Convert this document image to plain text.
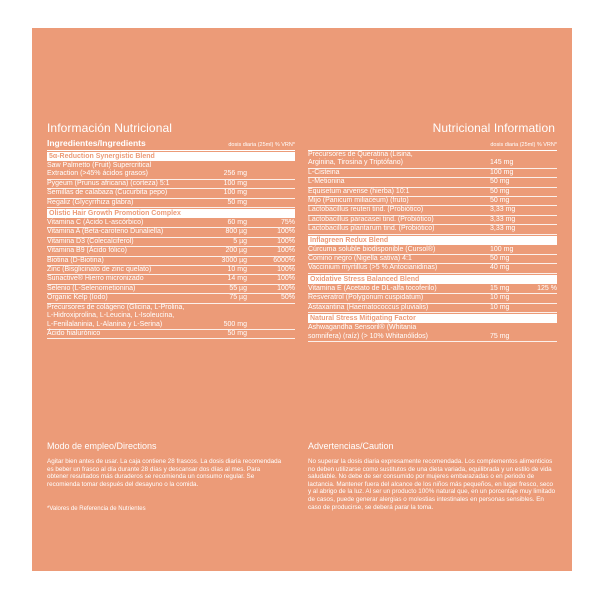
Información Nutricional	Nutricional Information
Ingredientes/Ingredients	dosis diaria (25ml) % VRN*
5α-Reduction Synergistic Blend
Saw Palmetto (Fruit) Supercritical
Extraction (>45% ácidos grasos)	256 mg
Pygeum (Prunus africana) (corteza) 5:1	100 mg
Semillas de calabaza (Cucurbita pepo)	100 mg
Regaliz (Glycyrrhiza glabra)	50 mg
Olistic Hair Growth Promotion Complex
Vitamina C (Ácido L-ascórbico)	60 mg	75%
Vitamina A (Beta-caroteno Dunaliella)	800 µg	100%
Vitamina D3 (Colecalciferol)	5 µg	100%
Vitamina B9 (Ácido fólico)	200 µg	100%
Biotina (D-Biotina)	3000 µg	6000%
Zinc (Bisglicinato de zinc quelato)	10 mg	100%
Sunactive® Hierro micronizado	14 mg	100%
Selenio (L-Selenometionina)	55 µg	100%
Organic Kelp (Iodo)	75 µg	50%
Precursores de colágeno (Glicina, L-Prolina,
L-Hidroxiprolina, L-Leucina, L-Isoleucina,
L-Fenilalaninia, L-Alanina y L-Serina)	500 mg
Ácido hialurónico	50 mg
dosis diaria (25ml) % VRN*
Precursores de Queratina (Lisina,
Arginina, Tirosina y Triptófano)	145 mg
L-Cisteina	100 mg
L-Metionina	50 mg
Equisetum arvense (hierba) 10:1	50 mg
Mijo (Panicum miliaceum) (fruto)	50 mg
Lactobacillus reuteri tind. (Probiótico)	3,33 mg
Lactobacillus paracasei tind. (Probiótico)	3,33 mg
Lactobacillus plantarum tind. (Probiótico)	3,33 mg
Inflagreen Redux Blend
Cúrcuma soluble biodisponible (Cursol®)	100 mg
Comino negro (Nigella sativa) 4:1	50 mg
Vaccinium myrtillus (>5 % Antocianidinas)	40 mg
Oxidative Stress Balanced Blend
Vitamina E (Acetato de DL-alfa tocoferilo)	15 mg	125 %
Resveratrol (Polygonum cuspidatum)	10 mg
Astaxantina (Haematococcus pluvialis)	10 mg
Natural Stress Mitigating Factor
Ashwagandha Sensoril® (Whitania
somnifera) (raíz) (> 10% Whitanólidos)	75 mg
Modo de empleo/Directions
Agitar bien antes de usar. La caja contiene 28 frascos. La dosis diaria recomendada es beber un frasco al día durante 28 días y descansar dos días al mes. Para obtener resultados más duraderos se recomienda un consumo regular. Se recomienda tomar después del desayuno o la comida.
*Valores de Referencia de Nutrientes
Advertencias/Caution
No superar la dosis diaria expresamente recomendada. Los complementos alimenticios no deben utilizarse como sustitutos de una dieta variada, equilibrada y un estilo de vida saludable. No debe de ser consumido por mujeres embarazadas o en periodo de lactancia. Mantener fuera del alcance de los niños más pequeños, en lugar fresco, seco y al abrigo de la luz. Al ser un producto 100% natural que, en un porcentaje muy limitado de casos, puede generar alergias o molestias intestinales en personas sensibles. En caso de producirse, se deberá parar la toma.
